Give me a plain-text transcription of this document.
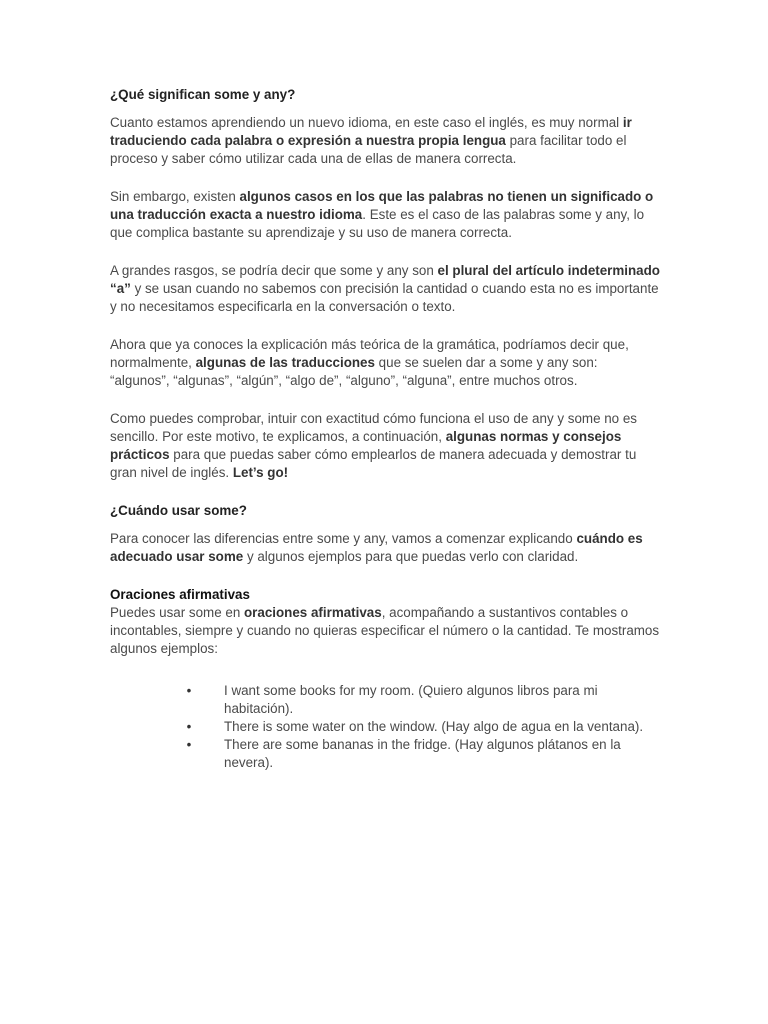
¿Qué significan some y any?

Cuanto estamos aprendiendo un nuevo idioma, en este caso el inglés, es muy normal ir traduciendo cada palabra o expresión a nuestra propia lengua para facilitar todo el proceso y saber cómo utilizar cada una de ellas de manera correcta.

Sin embargo, existen algunos casos en los que las palabras no tienen un significado o una traducción exacta a nuestro idioma. Este es el caso de las palabras some y any, lo que complica bastante su aprendizaje y su uso de manera correcta.

A grandes rasgos, se podría decir que some y any son el plural del artículo indeterminado “a” y se usan cuando no sabemos con precisión la cantidad o cuando esta no es importante y no necesitamos especificarla en la conversación o texto.

Ahora que ya conoces la explicación más teórica de la gramática, podríamos decir que, normalmente, algunas de las traducciones que se suelen dar a some y any son: “algunos”, “algunas”, “algún”, “algo de”, “alguno”, “alguna”, entre muchos otros.

Como puedes comprobar, intuir con exactitud cómo funciona el uso de any y some no es sencillo. Por este motivo, te explicamos, a continuación, algunas normas y consejos prácticos para que puedas saber cómo emplearlos de manera adecuada y demostrar tu gran nivel de inglés. Let’s go!

¿Cuándo usar some?

Para conocer las diferencias entre some y any, vamos a comenzar explicando cuándo es adecuado usar some y algunos ejemplos para que puedas verlo con claridad.

Oraciones afirmativas

Puedes usar some en oraciones afirmativas, acompañando a sustantivos contables o incontables, siempre y cuando no quieras especificar el número o la cantidad. Te mostramos algunos ejemplos:

•	I want some books for my room. (Quiero algunos libros para mi habitación).
•	There is some water on the window. (Hay algo de agua en la ventana).
•	There are some bananas in the fridge. (Hay algunos plátanos en la nevera).
